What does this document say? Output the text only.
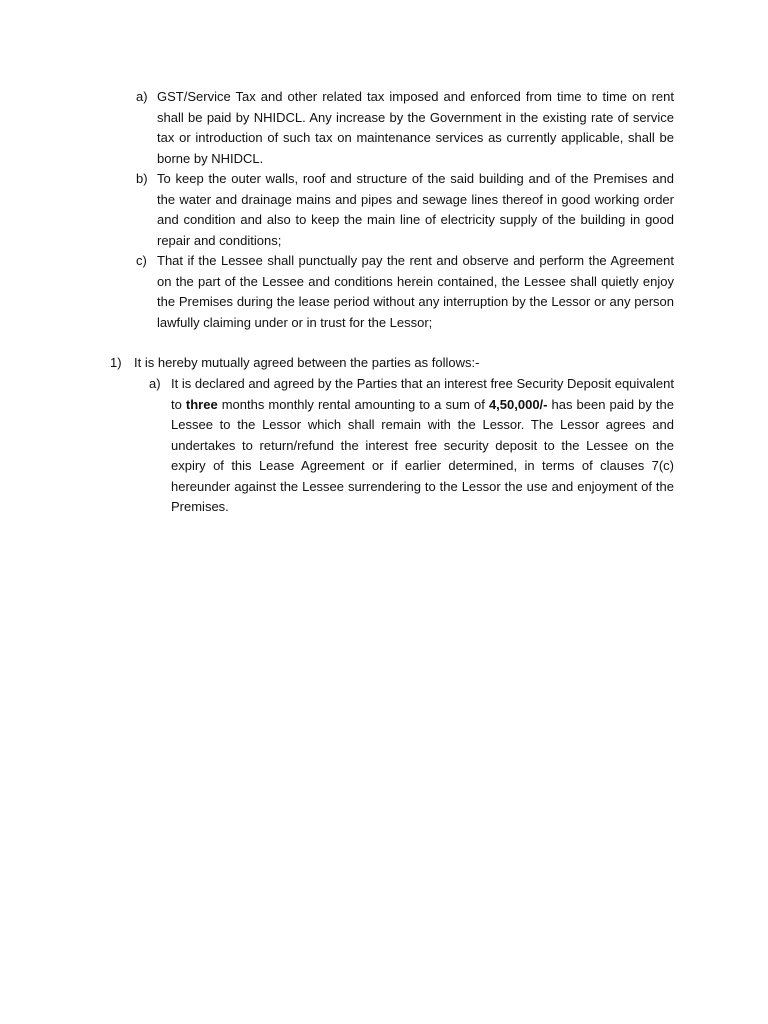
a) GST/Service Tax and other related tax imposed and enforced from time to time on rent shall be paid by NHIDCL. Any increase by the Government in the existing rate of service tax or introduction of such tax on maintenance services as currently applicable, shall be borne by NHIDCL.

b) To keep the outer walls, roof and structure of the said building and of the Premises and the water and drainage mains and pipes and sewage lines thereof in good working order and condition and also to keep the main line of electricity supply of the building in good repair and conditions;

c) That if the Lessee shall punctually pay the rent and observe and perform the Agreement on the part of the Lessee and conditions herein contained, the Lessee shall quietly enjoy the Premises during the lease period without any interruption by the Lessor or any person lawfully claiming under or in trust for the Lessor;

1) It is hereby mutually agreed between the parties as follows:-

a) It is declared and agreed by the Parties that an interest free Security Deposit equivalent to three months monthly rental amounting to a sum of 4,50,000/- has been paid by the Lessee to the Lessor which shall remain with the Lessor. The Lessor agrees and undertakes to return/refund the interest free security deposit to the Lessee on the expiry of this Lease Agreement or if earlier determined, in terms of clauses 7(c) hereunder against the Lessee surrendering to the Lessor the use and enjoyment of the Premises.
